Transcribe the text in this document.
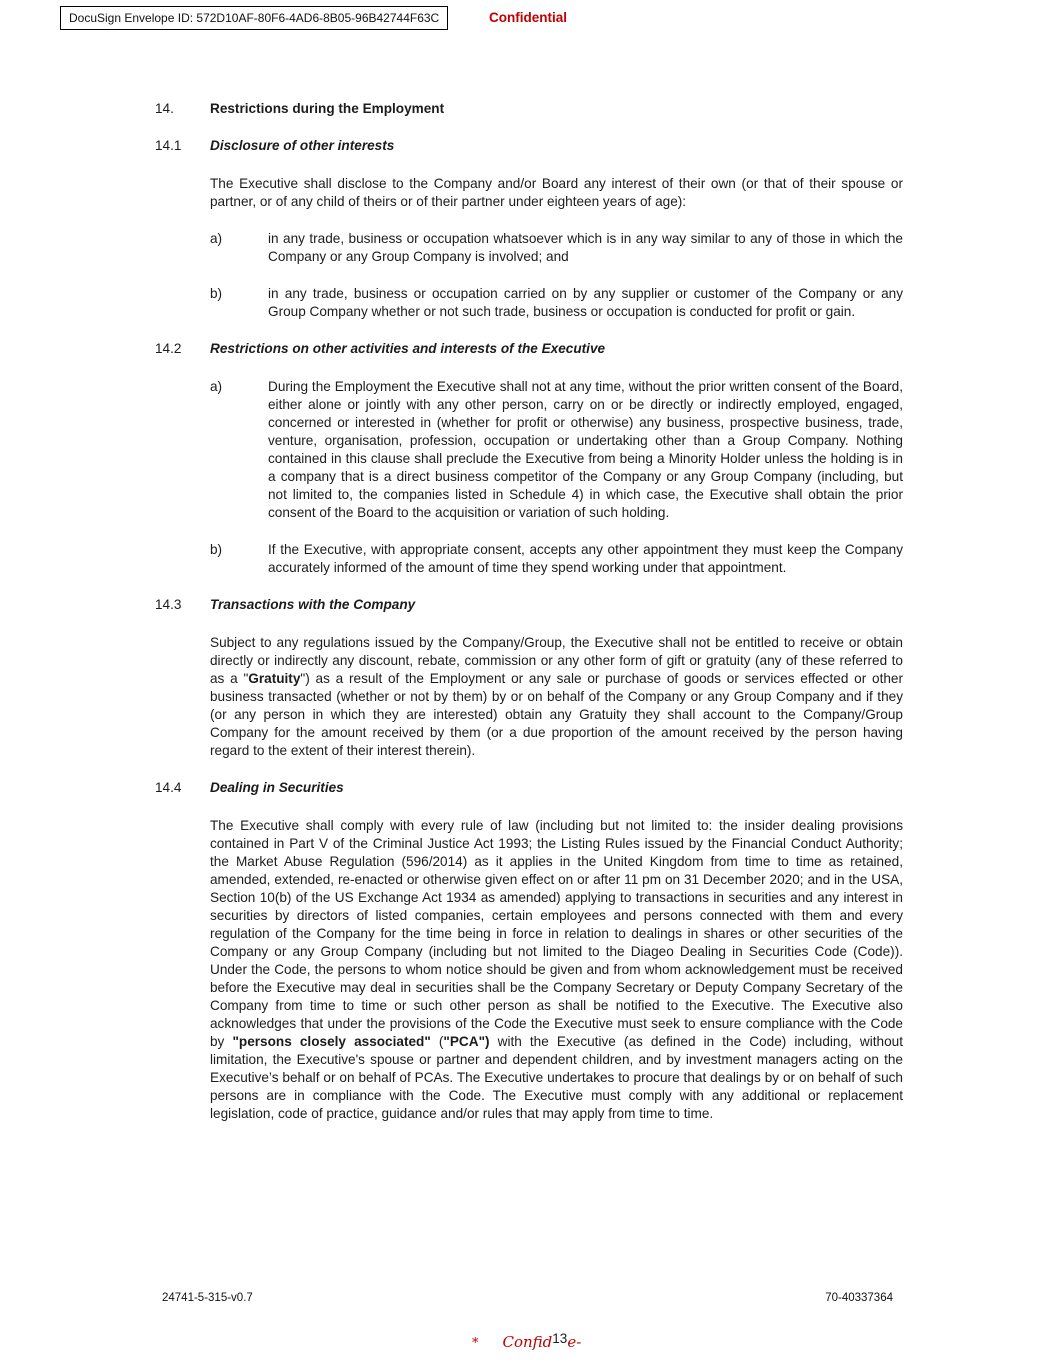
DocuSign Envelope ID: 572D10AF-80F6-4AD6-8B05-96B42744F63C	Confidential
14.	Restrictions during the Employment
14.1	Disclosure of other interests
The Executive shall disclose to the Company and/or Board any interest of their own (or that of their spouse or partner, or of any child of theirs or of their partner under eighteen years of age):
a)	in any trade, business or occupation whatsoever which is in any way similar to any of those in which the Company or any Group Company is involved; and
b)	in any trade, business or occupation carried on by any supplier or customer of the Company or any Group Company whether or not such trade, business or occupation is conducted for profit or gain.
14.2	Restrictions on other activities and interests of the Executive
a)	During the Employment the Executive shall not at any time, without the prior written consent of the Board, either alone or jointly with any other person, carry on or be directly or indirectly employed, engaged, concerned or interested in (whether for profit or otherwise) any business, prospective business, trade, venture, organisation, profession, occupation or undertaking other than a Group Company. Nothing contained in this clause shall preclude the Executive from being a Minority Holder unless the holding is in a company that is a direct business competitor of the Company or any Group Company (including, but not limited to, the companies listed in Schedule 4) in which case, the Executive shall obtain the prior consent of the Board to the acquisition or variation of such holding.
b)	If the Executive, with appropriate consent, accepts any other appointment they must keep the Company accurately informed of the amount of time they spend working under that appointment.
14.3	Transactions with the Company
Subject to any regulations issued by the Company/Group, the Executive shall not be entitled to receive or obtain directly or indirectly any discount, rebate, commission or any other form of gift or gratuity (any of these referred to as a "Gratuity") as a result of the Employment or any sale or purchase of goods or services effected or other business transacted (whether or not by them) by or on behalf of the Company or any Group Company and if they (or any person in which they are interested) obtain any Gratuity they shall account to the Company/Group Company for the amount received by them (or a due proportion of the amount received by the person having regard to the extent of their interest therein).
14.4	Dealing in Securities
The Executive shall comply with every rule of law (including but not limited to: the insider dealing provisions contained in Part V of the Criminal Justice Act 1993; the Listing Rules issued by the Financial Conduct Authority; the Market Abuse Regulation (596/2014) as it applies in the United Kingdom from time to time as retained, amended, extended, re-enacted or otherwise given effect on or after 11 pm on 31 December 2020; and in the USA, Section 10(b) of the US Exchange Act 1934 as amended) applying to transactions in securities and any interest in securities by directors of listed companies, certain employees and persons connected with them and every regulation of the Company for the time being in force in relation to dealings in shares or other securities of the Company or any Group Company (including but not limited to the Diageo Dealing in Securities Code (Code)). Under the Code, the persons to whom notice should be given and from whom acknowledgement must be received before the Executive may deal in securities shall be the Company Secretary or Deputy Company Secretary of the Company from time to time or such other person as shall be notified to the Executive. The Executive also acknowledges that under the provisions of the Code the Executive must seek to ensure compliance with the Code by "persons closely associated" ("PCA") with the Executive (as defined in the Code) including, without limitation, the Executive's spouse or partner and dependent children, and by investment managers acting on the Executive’s behalf or on behalf of PCAs. The Executive undertakes to procure that dealings by or on behalf of such persons are in compliance with the Code. The Executive must comply with any additional or replacement legislation, code of practice, guidance and/or rules that may apply from time to time.
24741-5-315-v0.7	70-40337364
* Confid13e-
